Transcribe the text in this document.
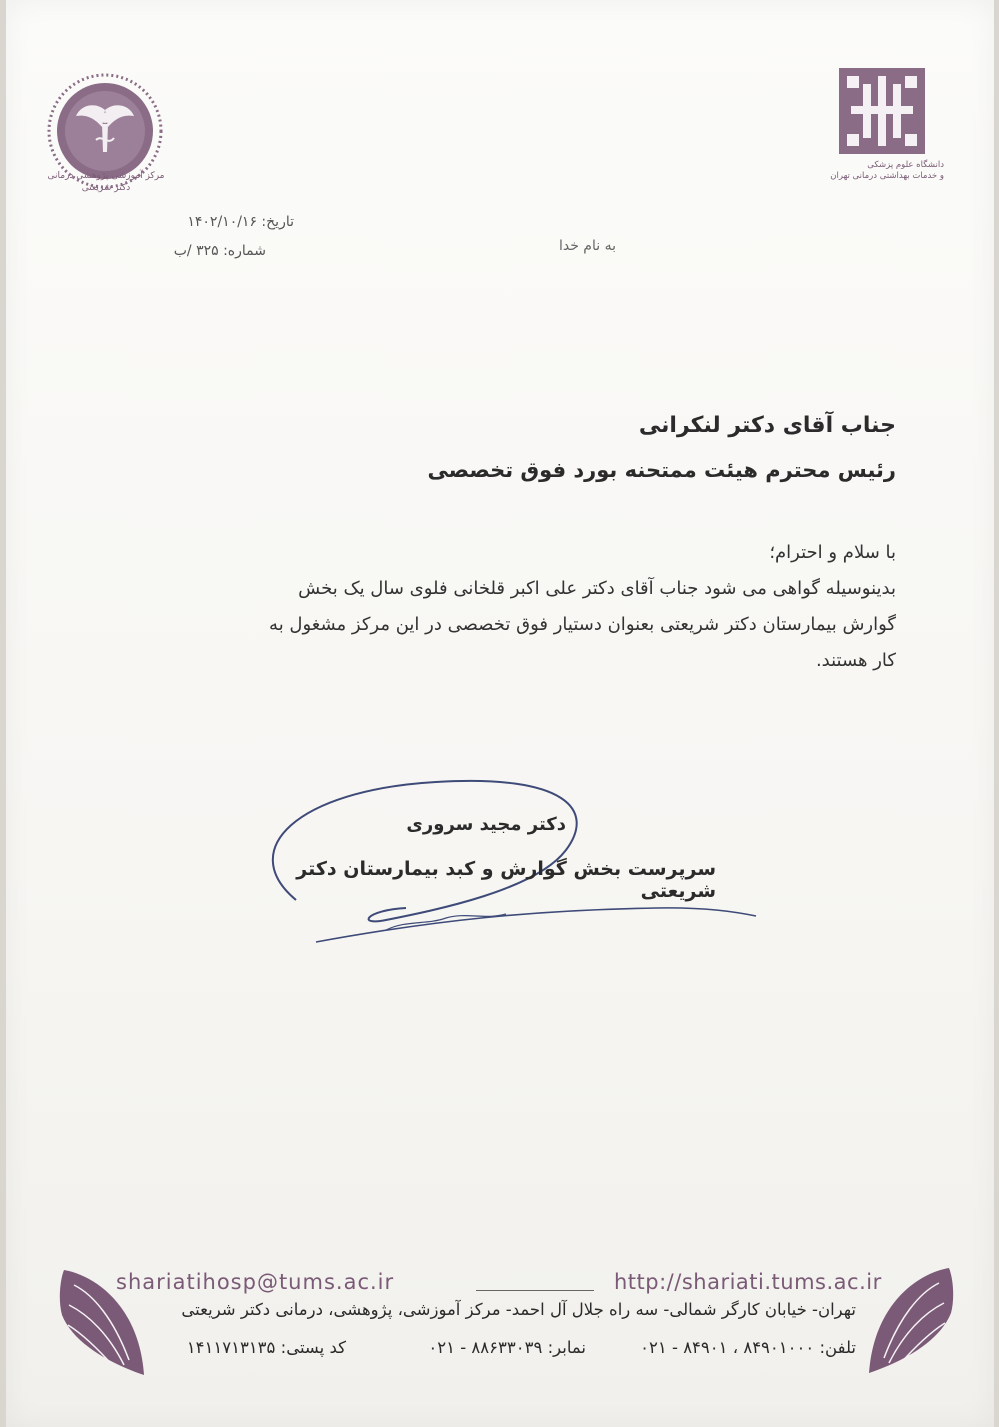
مرکز آموزشی پژوهشی درمانی
دکتر شریعتی
دانشگاه علوم پزشکی
و خدمات بهداشتی درمانی تهران
تاریخ: ۱۴۰۲/۱۰/۱۶
شماره: ۳۲۵ /ب	به نام خدا
جناب آقای دکتر لنکرانی
رئیس محترم هیئت ممتحنه بورد فوق تخصصی

با سلام و احترام؛

بدینوسیله گواهی می شود جناب آقای دکتر علی اکبر قلخانی فلوی سال یک بخش

گوارش بیمارستان دکتر شریعتی بعنوان دستیار فوق تخصصی در این مرکز مشغول به

کار هستند.

دکتر مجید سروری
سرپرست بخش گوارش و کبد بیمارستان دکتر شریعتی
shariatihosp@tums.ac.ir	http://shariati.tums.ac.ir
تهران- خیابان کارگر شمالی- سه راه جلال آل احمد- مرکز آموزشی، پژوهشی، درمانی دکتر شریعتی
تلفن: ۸۴۹۰۱۰۰۰ ، ۸۴۹۰۱ - ۰۲۱
نمابر: ۸۸۶۳۳۰۳۹ - ۰۲۱
کد پستی: ۱۴۱۱۷۱۳۱۳۵
